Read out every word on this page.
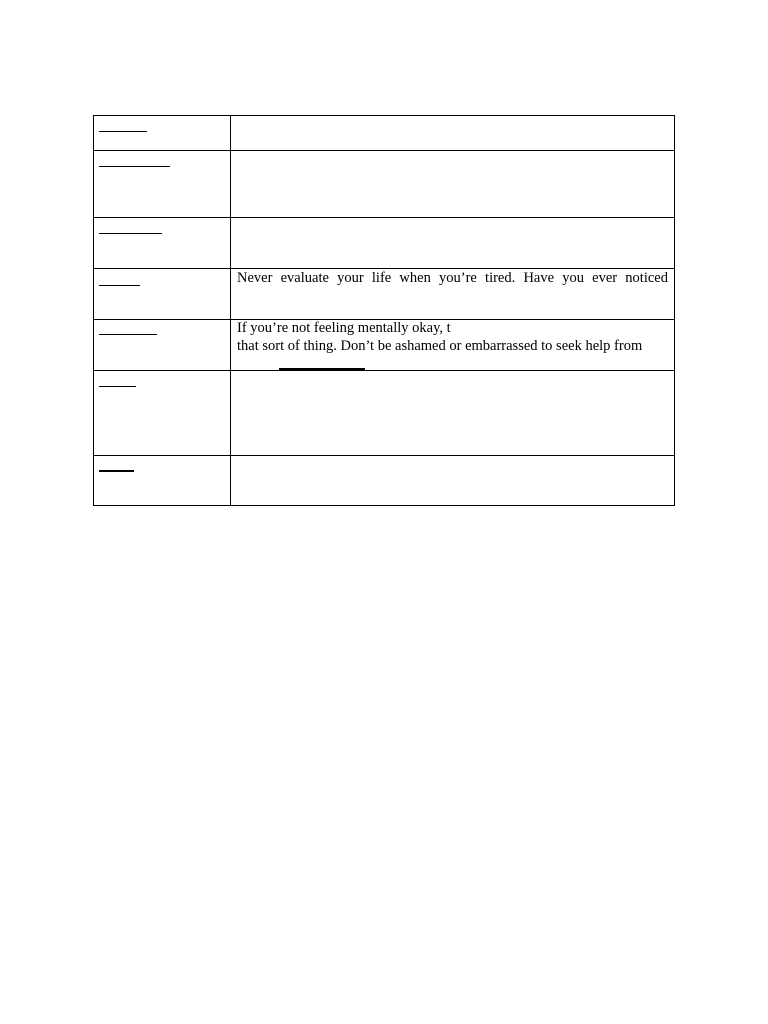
Never evaluate your life when you’re tired. Have you ever noticed
If you’re not feeling mentally okay, t
that sort of thing. Don’t be ashamed or embarrassed to seek help from
